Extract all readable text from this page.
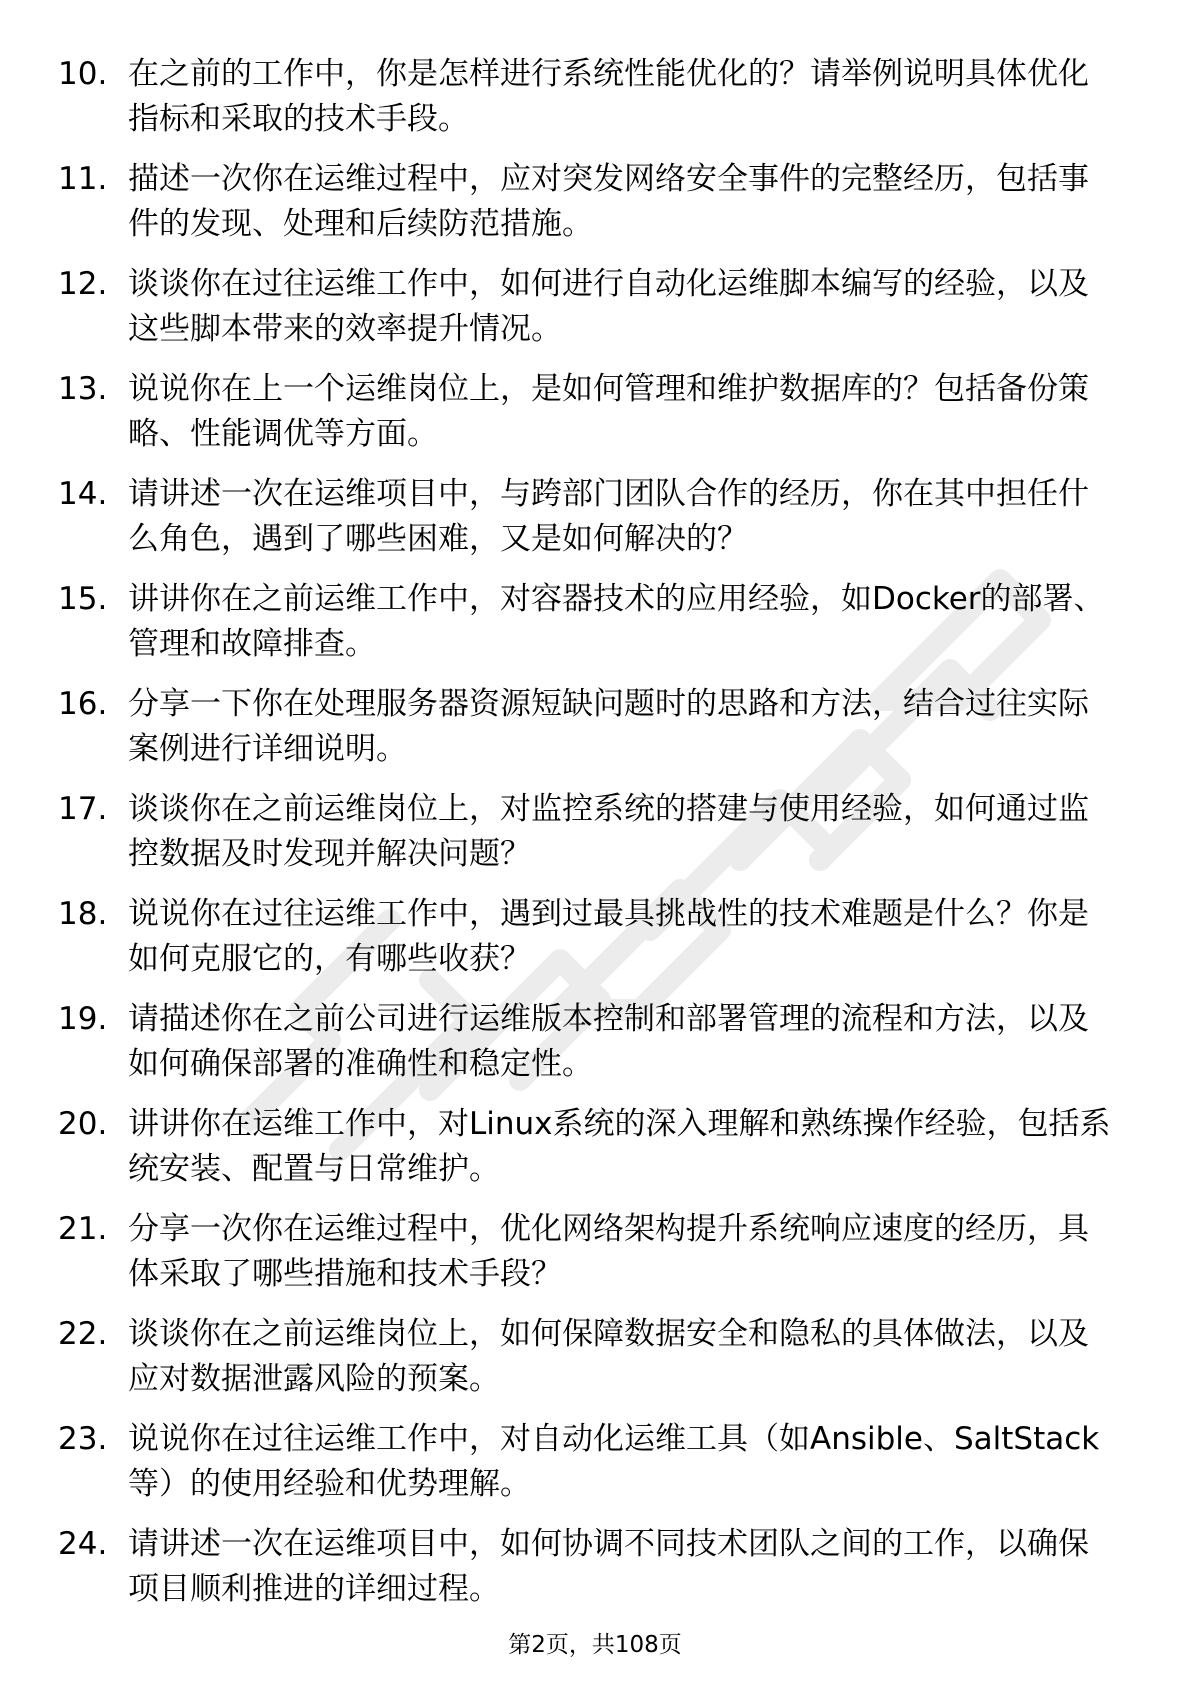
10. 在之前的工作中，你是怎样进行系统性能优化的？请举例说明具体优化指标和采取的技术手段。
11. 描述一次你在运维过程中，应对突发网络安全事件的完整经历，包括事件的发现、处理和后续防范措施。
12. 谈谈你在过往运维工作中，如何进行自动化运维脚本编写的经验，以及这些脚本带来的效率提升情况。
13. 说说你在上一个运维岗位上，是如何管理和维护数据库的？包括备份策略、性能调优等方面。
14. 请讲述一次在运维项目中，与跨部门团队合作的经历，你在其中担任什么角色，遇到了哪些困难，又是如何解决的？
15. 讲讲你在之前运维工作中，对容器技术的应用经验，如Docker的部署、管理和故障排查。
16. 分享一下你在处理服务器资源短缺问题时的思路和方法，结合过往实际案例进行详细说明。
17. 谈谈你在之前运维岗位上，对监控系统的搭建与使用经验，如何通过监控数据及时发现并解决问题？
18. 说说你在过往运维工作中，遇到过最具挑战性的技术难题是什么？你是如何克服它的，有哪些收获？
19. 请描述你在之前公司进行运维版本控制和部署管理的流程和方法，以及如何确保部署的准确性和稳定性。
20. 讲讲你在运维工作中，对Linux系统的深入理解和熟练操作经验，包括系统安装、配置与日常维护。
21. 分享一次你在运维过程中，优化网络架构提升系统响应速度的经历，具体采取了哪些措施和技术手段？
22. 谈谈你在之前运维岗位上，如何保障数据安全和隐私的具体做法，以及应对数据泄露风险的预案。
23. 说说你在过往运维工作中，对自动化运维工具（如Ansible、SaltStack等）的使用经验和优势理解。
24. 请讲述一次在运维项目中，如何协调不同技术团队之间的工作，以确保项目顺利推进的详细过程。
第2页，共108页
